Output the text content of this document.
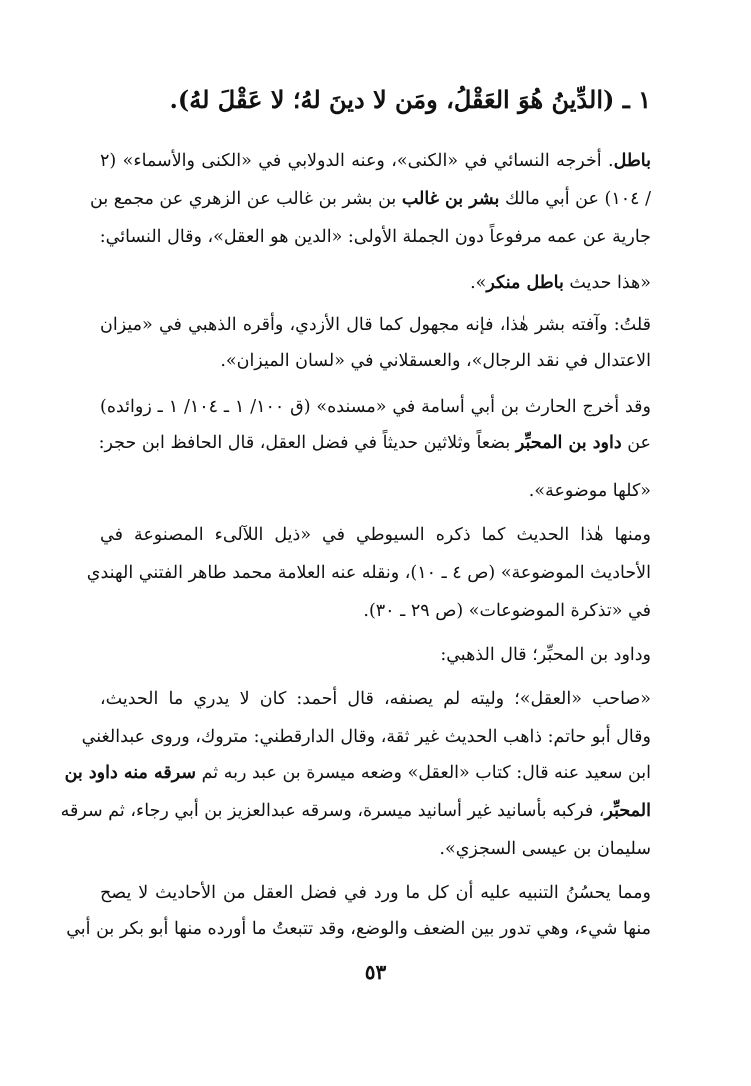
١ ـ (الدِّينُ هُوَ العَقْلُ، ومَن لا دينَ لهُ؛ لا عَقْلَ لهُ).

باطل. أخرجه النسائي في «الكنى»، وعنه الدولابي في «الكنى والأسماء» (٢

/ ١٠٤) عن أبي مالك بشر بن غالب بن بشر بن غالب عن الزهري عن مجمع بن

جارية عن عمه مرفوعاً دون الجملة الأولى: «الدين هو العقل»، وقال النسائي:

«هذا حديث باطل منكر».

قلتُ: وآفته بشر هٰذا، فإنه مجهول كما قال الأزدي، وأقره الذهبي في «ميزان

الاعتدال في نقد الرجال»، والعسقلاني في «لسان الميزان».

وقد أخرج الحارث بن أبي أسامة في «مسنده» (ق ١٠٠/ ١ ـ ١٠٤/ ١ ـ زوائده)

عن داود بن المحبِّر بضعاً وثلاثين حديثاً في فضل العقل، قال الحافظ ابن حجر:

«كلها موضوعة».

ومنها هٰذا الحديث كما ذكره السيوطي في «ذيل اللآلىء المصنوعة في

الأحاديث الموضوعة» (ص ٤ ـ ١٠)، ونقله عنه العلامة محمد طاهر الفتني الهندي

في «تذكرة الموضوعات» (ص ٢٩ ـ ٣٠).

وداود بن المحبِّر؛ قال الذهبي:

«صاحب «العقل»؛ وليته لم يصنفه، قال أحمد: كان لا يدري ما الحديث،

وقال أبو حاتم: ذاهب الحديث غير ثقة، وقال الدارقطني: متروك، وروى عبدالغني

ابن سعيد عنه قال: كتاب «العقل» وضعه ميسرة بن عبد ربه ثم سرقه منه داود بن

المحبِّر، فركبه بأسانيد غير أسانيد ميسرة، وسرقه عبدالعزيز بن أبي رجاء، ثم سرقه

سليمان بن عيسى السجزي».

ومما يحسُنُ التنبيه عليه أن كل ما ورد في فضل العقل من الأحاديث لا يصح

منها شيء، وهي تدور بين الضعف والوضع، وقد تتبعتُ ما أورده منها أبو بكر بن أبي

٥٣
